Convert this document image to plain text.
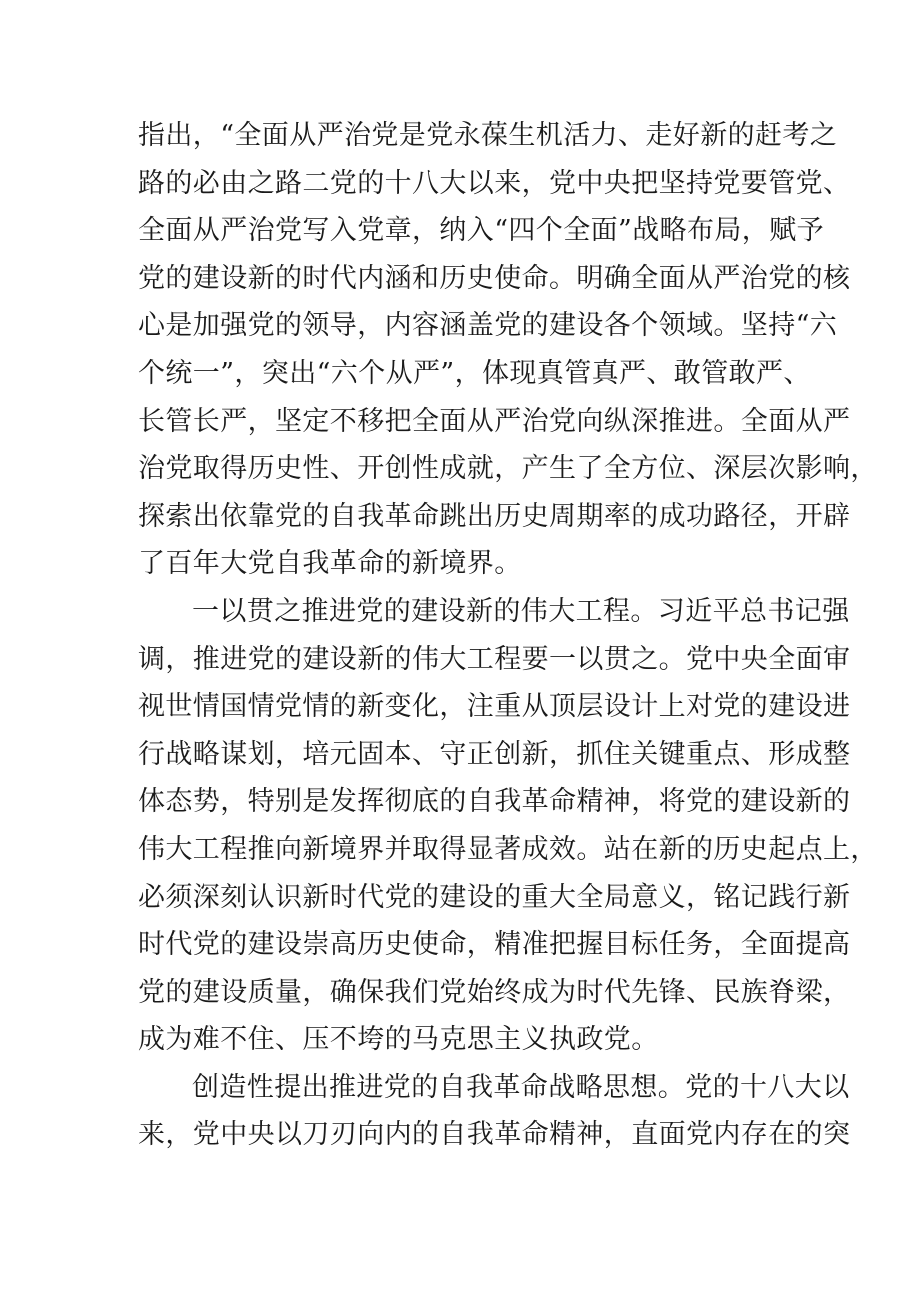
指出，“全面从严治党是党永葆生机活力、走好新的赶考之
路的必由之路二党的十八大以来，党中央把坚持党要管党、
全面从严治党写入党章，纳入“四个全面”战略布局，赋予
党的建设新的时代内涵和历史使命。明确全面从严治党的核
心是加强党的领导，内容涵盖党的建设各个领域。坚持“六
个统一”，突出“六个从严”，体现真管真严、敢管敢严、
长管长严，坚定不移把全面从严治党向纵深推进。全面从严
治党取得历史性、开创性成就，产生了全方位、深层次影响，
探索出依靠党的自我革命跳出历史周期率的成功路径，开辟
了百年大党自我革命的新境界。
一以贯之推进党的建设新的伟大工程。习近平总书记强
调，推进党的建设新的伟大工程要一以贯之。党中央全面审
视世情国情党情的新变化，注重从顶层设计上对党的建设进
行战略谋划，培元固本、守正创新，抓住关键重点、形成整
体态势，特别是发挥彻底的自我革命精神，将党的建设新的
伟大工程推向新境界并取得显著成效。站在新的历史起点上，
必须深刻认识新时代党的建设的重大全局意义，铭记践行新
时代党的建设崇高历史使命，精准把握目标任务，全面提高
党的建设质量，确保我们党始终成为时代先锋、民族脊梁，
成为难不住、压不垮的马克思主义执政党。
创造性提出推进党的自我革命战略思想。党的十八大以
来，党中央以刀刃向内的自我革命精神，直面党内存在的突
